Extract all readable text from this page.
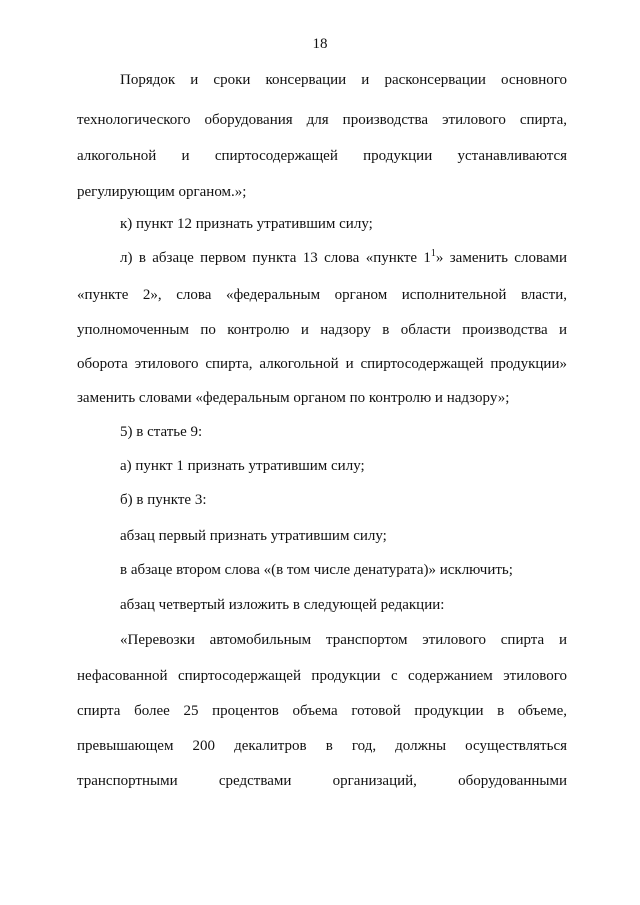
18
Порядок и сроки консервации и расконсервации основного
технологического оборудования для производства этилового спирта,
алкогольной и спиртосодержащей продукции устанавливаются
регулирующим органом.»;
к) пункт 12 признать утратившим силу;
л) в абзаце первом пункта 13 слова «пункте $1^1$» заменить словами
«пункте 2», слова «федеральным органом исполнительной власти,
уполномоченным по контролю и надзору в области производства и
оборота этилового спирта, алкогольной и спиртосодержащей продукции»
заменить словами «федеральным органом по контролю и надзору»;
5) в статье 9:
а) пункт 1 признать утратившим силу;
б) в пункте 3:
абзац первый признать утратившим силу;
в абзаце втором слова «(в том числе денатурата)» исключить;
абзац четвертый изложить в следующей редакции:
«Перевозки автомобильным транспортом этилового спирта и
нефасованной спиртосодержащей продукции с содержанием этилового
спирта более 25 процентов объема готовой продукции в объеме,
превышающем 200 декалитров в год, должны осуществляться
транспортными средствами организаций, оборудованными
